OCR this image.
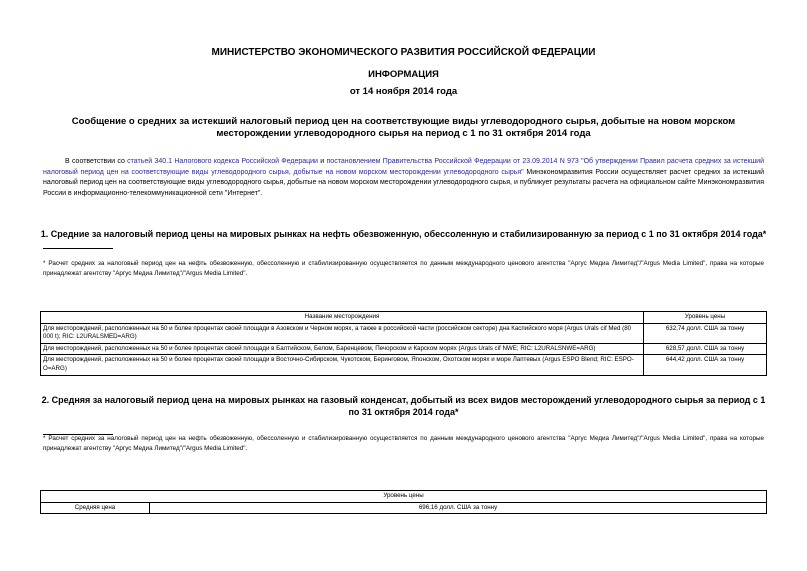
МИНИСТЕРСТВО ЭКОНОМИЧЕСКОГО РАЗВИТИЯ РОССИЙСКОЙ ФЕДЕРАЦИИ
ИНФОРМАЦИЯ
от 14 ноября 2014 года
Сообщение о средних за истекший налоговый период цен на соответствующие виды углеводородного сырья, добытые на новом морском месторождении углеводородного сырья на период с 1 по 31 октября 2014 года
В соответствии со статьей 340.1 Налогового кодекса Российской Федерации и постановлением Правительства Российской Федерации от 23.09.2014 N 973 "Об утверждении Правил расчета средних за истекший налоговый период цен на соответствующие виды углеводородного сырья, добытые на новом морском месторождении углеводородного сырья" Минэкономразвития России осуществляет расчет средних за истекший налоговый период цен на соответствующие виды углеводородного сырья, добытые на новом морском месторождении углеводородного сырья, и публикует результаты расчета на официальном сайте Минэкономразвития России в информационно-телекоммуникационной сети "Интернет".
1. Средние за налоговый период цены на мировых рынках на нефть обезвоженную, обессоленную и стабилизированную за период с 1 по 31 октября 2014 года*
* Расчет средних за налоговый период цен на нефть обезвоженную, обессоленную и стабилизированную осуществляется по данным международного ценового агентства "Аргус Медиа Лимитед"/"Argus Media Limited", права на которые принадлежат агентству "Аргус Медиа Лимитед"/"Argus Media Limited".
Название месторождения	Уровень цены
Для месторождений, расположенных на 50 и более процентах своей площади в Азовском и Черном морях, а также в российской части (российском секторе) дна Каспийского моря (Argus Urals cif Med (80 000 t); RIC: L2URALSMED=ARG)	632,74 долл. США за тонну
Для месторождений, расположенных на 50 и более процентах своей площади в Балтийском, Белом, Баренцевом, Печорском и Карском морях (Argus Urals cif NWE; RIC: L2URALSNWE=ARG)	628,57 долл. США за тонну
Для месторождений, расположенных на 50 и более процентах своей площади в Восточно-Сибирском, Чукотском, Беринговом, Японском, Охотском морях и море Лаптевых (Argus ESPO Blend; RIC: ESPO-O=ARG)	644,42 долл. США за тонну
2. Средняя за налоговый период цена на мировых рынках на газовый конденсат, добытый из всех видов месторождений углеводородного сырья за период с 1 по 31 октября 2014 года*
* Расчет средних за налоговый период цен на нефть обезвоженную, обессоленную и стабилизированную осуществляется по данным международного ценового агентства "Аргус Медиа Лимитед"/"Argus Media Limited", права на которые принадлежат агентству "Аргус Медиа Лимитед"/"Argus Media Limited".
Уровень цены
Средняя цена	696,16 долл. США за тонну
